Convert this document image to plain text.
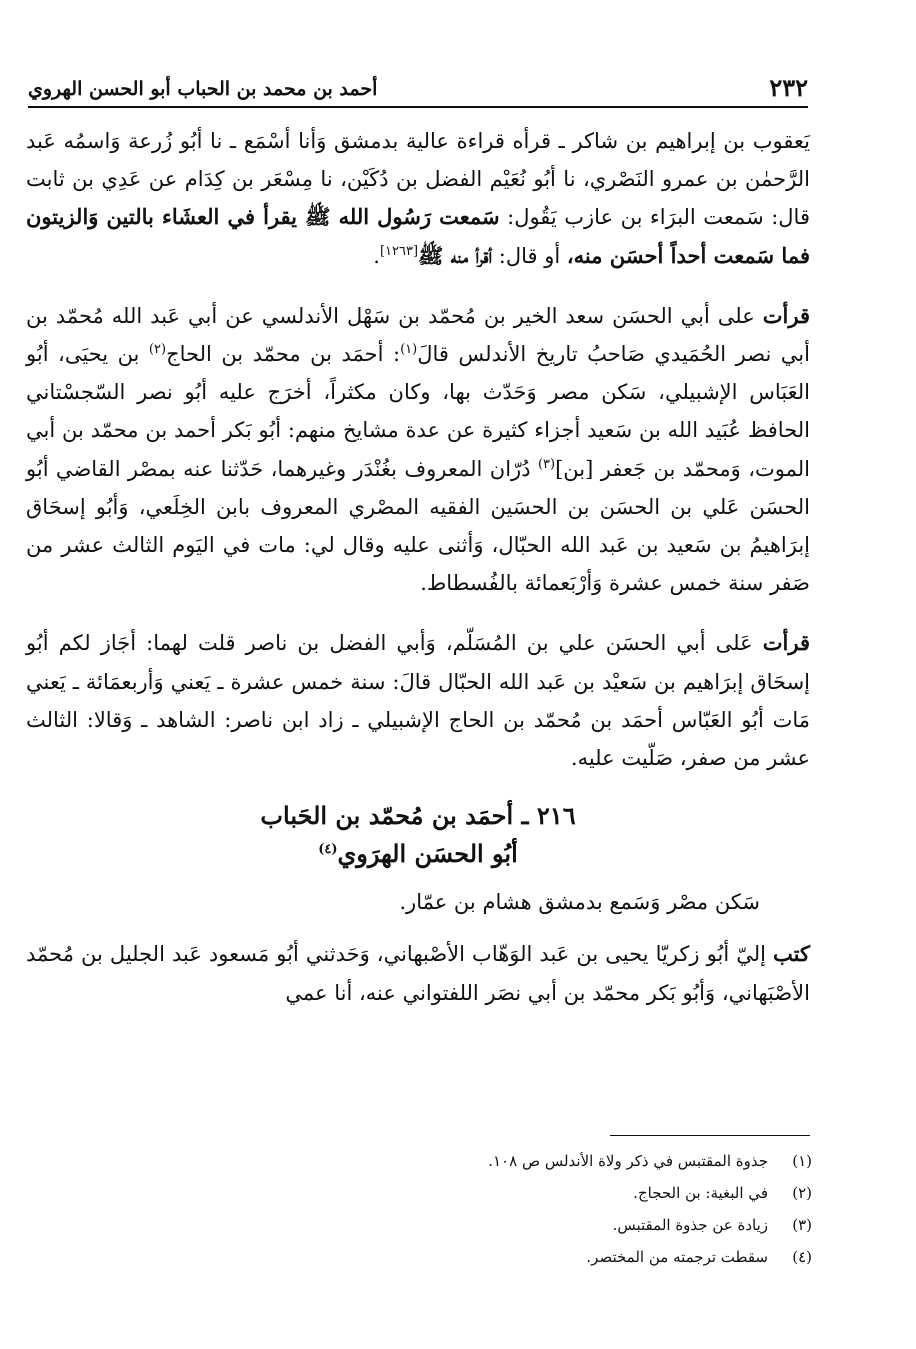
٢٣٢
أحمد بن محمد بن الحباب أبو الحسن الهروي

يَعقوب بن إبراهيم بن شاكر ـ قرأه قراءة عالية بدمشق وَأنا أسْمَع ـ نا أبُو زُرعة وَاسمُه عَبد الرَّحمٰن بن عمرو النَصْري، نا أبُو نُعَيْم الفضل بن دُكَيْن، نا مِسْعَر بن كِدَام عن عَدِي بن ثابت قال: سَمعت البرَاء بن عازب يَقُول: سَمعت رَسُول الله ﷺ يقرأ في العشَاء بالتين وَالزيتون فما سَمعت أحداً أحسَن منه، أو قال: أقرأ منه ﷺ[١٢٦٣].

قرأت على أبي الحسَن سعد الخير بن مُحمّد بن سَهْل الأندلسي عن أبي عَبد الله مُحمّد بن أبي نصر الحُمَيدي صَاحبُ تاريخ الأندلس قالَ$^{(١)}$: أحمَد بن محمّد بن الحاج$^{(٢)}$ بن يحيَى، أبُو العَبَاس الإشبيلي، سَكن مصر وَحَدّث بها، وكان مكثراً، أخرَج عليه أبُو نصر السّجسْتاني الحافظ عُبَيد الله بن سَعيد أجزاء كثيرة عن عدة مشايخ منهم: أبُو بَكر أحمد بن محمّد بن أبي الموت، وَمحمّد بن جَعفر [بن]$^{(٣)}$ دُرّان المعروف بغُنْدَر وغيرهما، حَدّثنا عنه بمصْر القاضي أبُو الحسَن عَلي بن الحسَن بن الحسَين الفقيه المصْري المعروف بابن الخِلَعي، وَأبُو إسحَاق إبرَاهيمُ بن سَعيد بن عَبد الله الحبّال، وَأثنى عليه وقال لي: مات في اليَوم الثالث عشر من صَفر سنة خمس عشرة وَأرْبَعمائة بالفُسطاط.

قرأت عَلى أبي الحسَن علي بن المُسَلّم، وَأبي الفضل بن ناصر قلت لهما: أجَاز لكم أبُو إسحَاق إبرَاهيم بن سَعيْد بن عَبد الله الحبّال قالَ: سنة خمس عشرة ـ يَعني وَأربعمَائة ـ يَعني مَات أبُو العَبّاس أحمَد بن مُحمّد بن الحاج الإشبيلي ـ زاد ابن ناصر: الشاهد ـ وَقالا: الثالث عشر من صفر، صَلّيت عليه.

٢١٦ ـ أحمَد بن مُحمّد بن الحَباب
أبُو الحسَن الهرَوي$^{(٤)}$

سَكن مصْر وَسَمع بدمشق هشام بن عمّار.

كتب إليّ أبُو زكريّا يحيى بن عَبد الوَهّاب الأصْبهاني، وَحَدثني أبُو مَسعود عَبد الجليل بن مُحمّد الأصْبَهاني، وَأبُو بَكر محمّد بن أبي نصَر اللفتواني عنه، أنا عمي

(١)
جذوة المقتبس في ذكر ولاة الأندلس ص ١٠٨.
(٢)
في البغية: بن الحجاج.
(٣)
زيادة عن جذوة المقتبس.
(٤)
سقطت ترجمته من المختصر.
